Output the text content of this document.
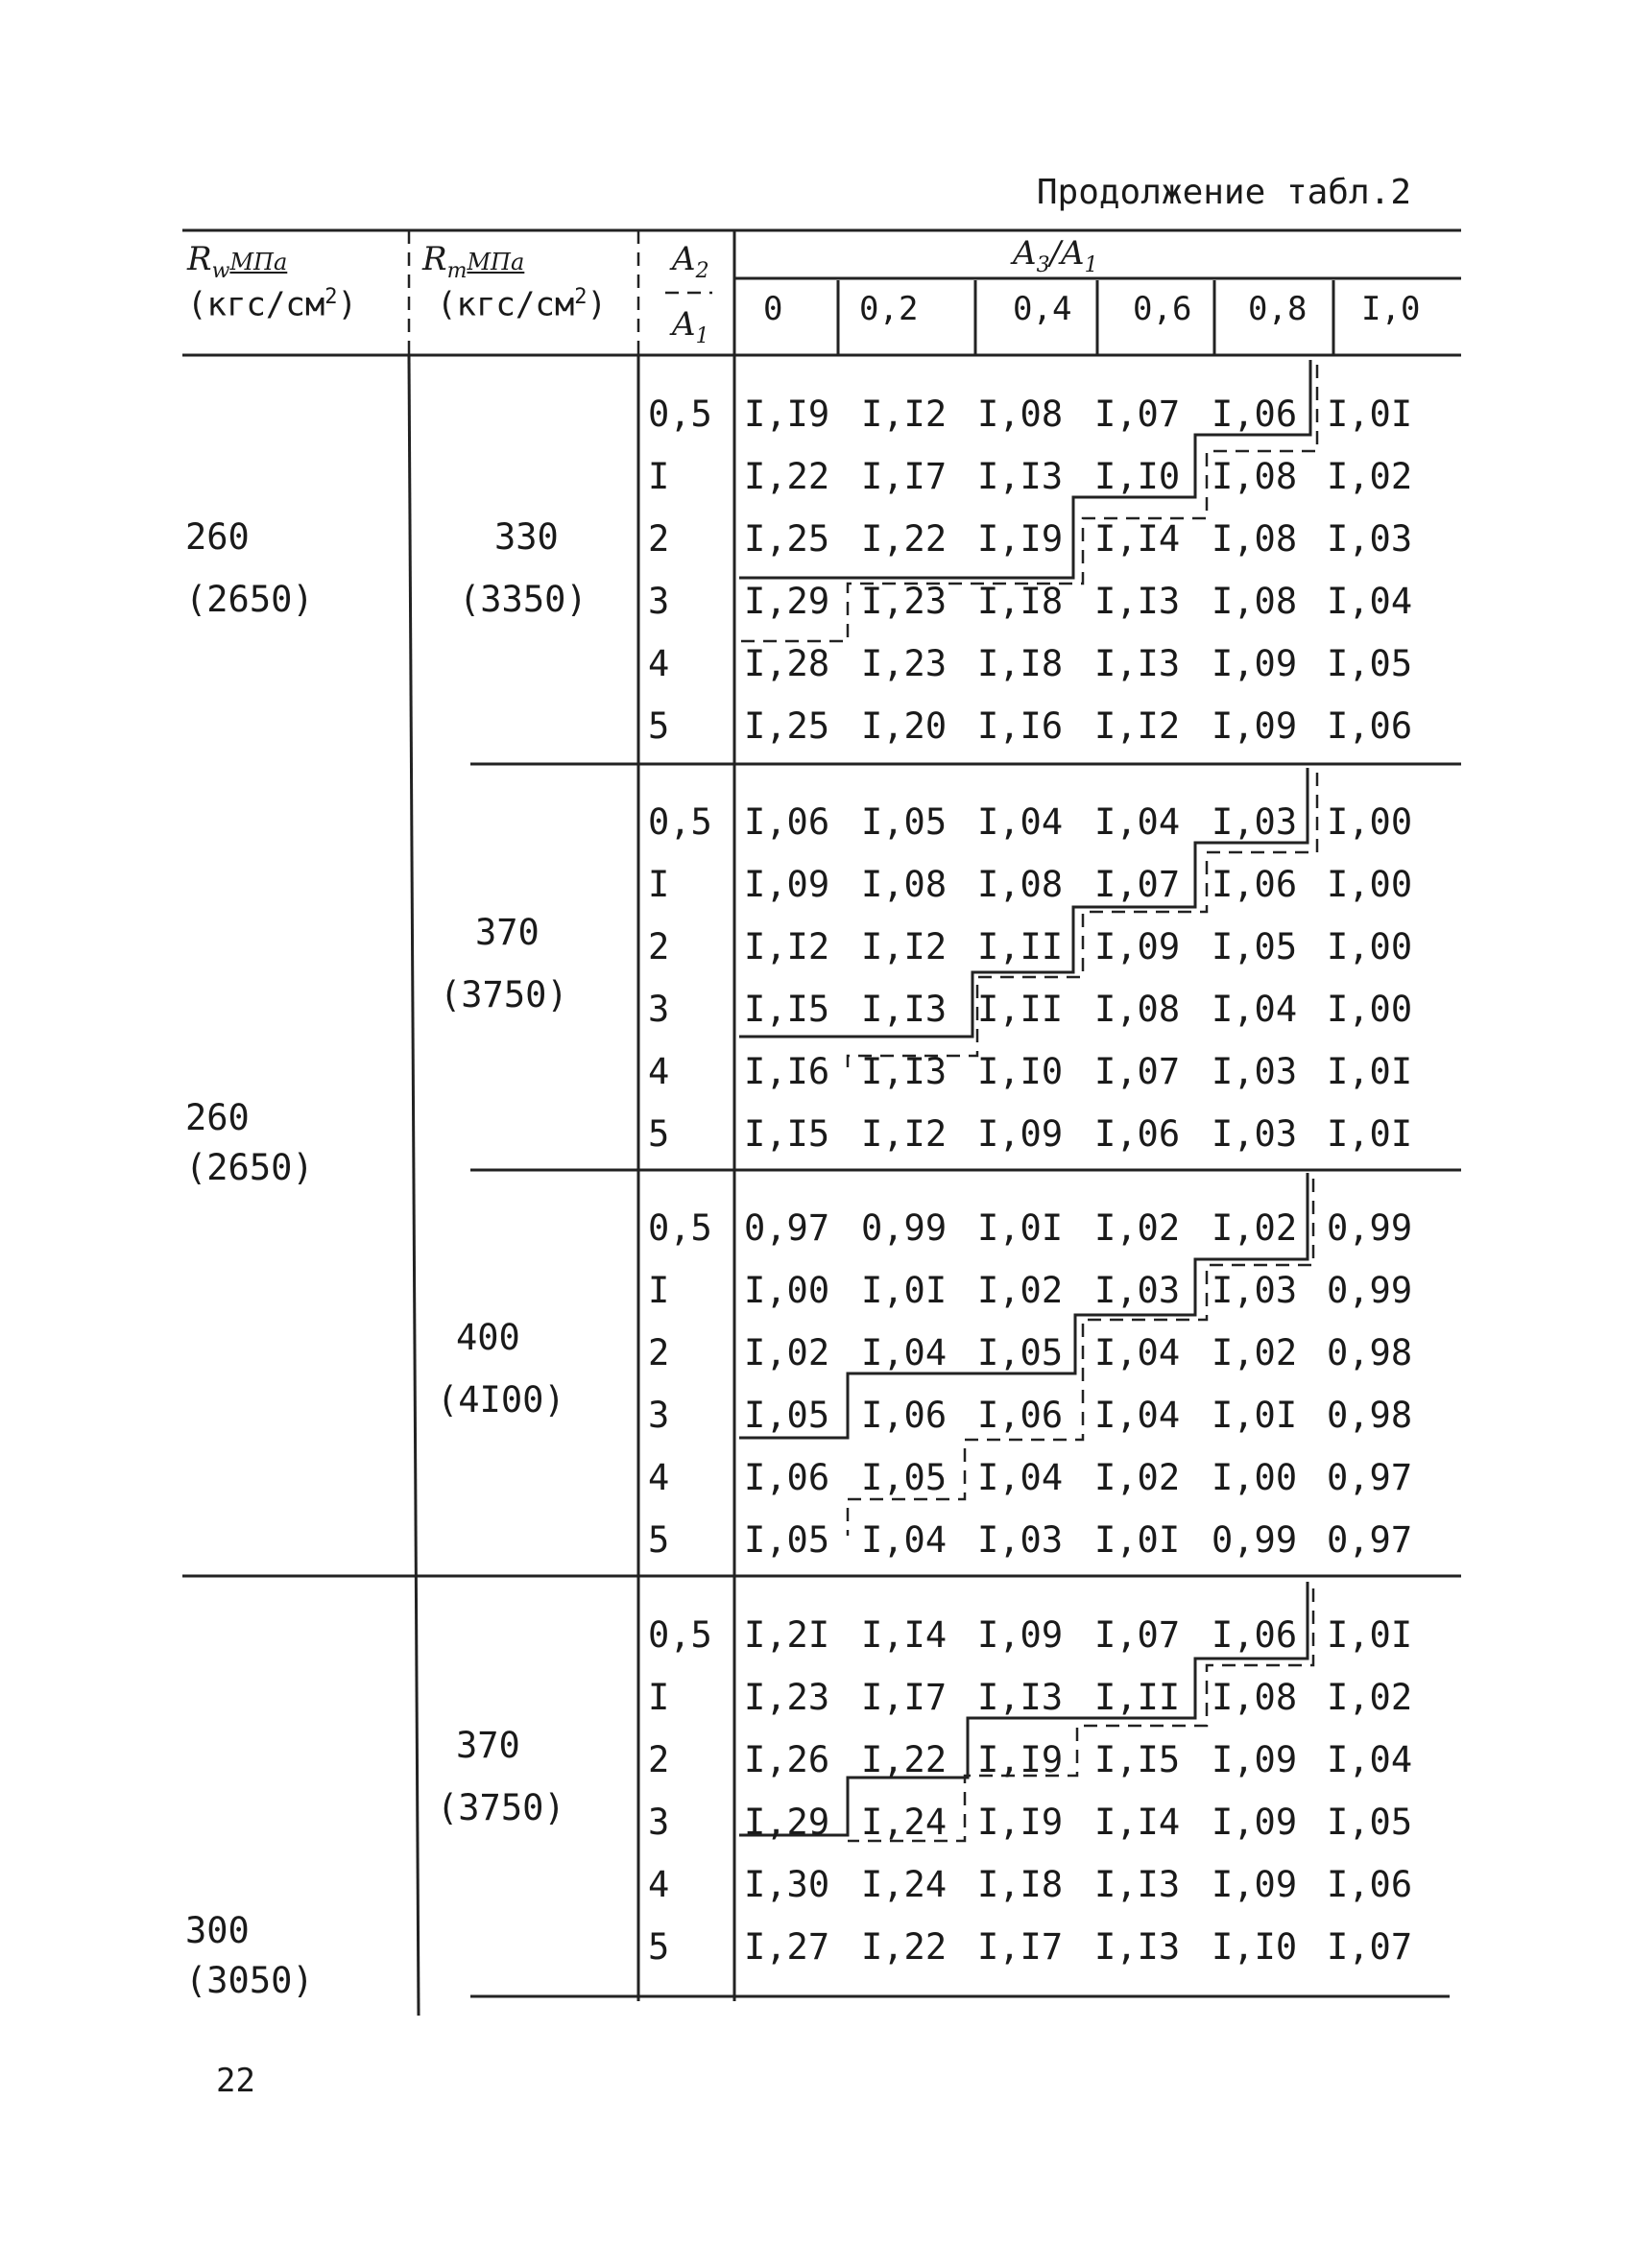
Продолжение табл.2
$R_wМПа$
$(кгс/см^2)$
$R_тМПа$
$(кгс/см^2)$
$A_2$
$A_1$
$A_3/A_1$
0 0,2	0,4 0,6 0,8 I,0
260
(2650)
260
(2650)
300
(3050)
330
(3350)
370
(3750)
400
(4I00)
370
(3750)
0,5 I,I9 I,I2 I,08 I,07 I,06 I,0I
I I,22 I,I7 I,I3 I,I0 I,08 I,02
2 I,25 I,22 I,I9 I,I4 I,08 I,03
3 I,29 I,23 I,I8 I,I3 I,08 I,04
4 I,28 I,23 I,I8 I,I3 I,09 I,05
5 I,25 I,20 I,I6 I,I2 I,09 I,06
0,5 I,06 I,05 I,04 I,04 I,03 I,00
I I,09 I,08 I,08 I,07 I,06 I,00
2 I,I2 I,I2 I,II I,09 I,05 I,00
3 I,I5 I,I3 I,II I,08 I,04 I,00
4 I,I6 I,I3 I,I0 I,07 I,03 I,0I
5 I,I5 I,I2 I,09 I,06 I,03 I,0I
0,5 0,97 0,99 I,0I I,02 I,02 0,99
I I,00 I,0I I,02 I,03 I,03 0,99
2 I,02 I,04 I,05 I,04 I,02 0,98
3 I,05 I,06 I,06 I,04 I,0I 0,98
4 I,06 I,05 I,04 I,02 I,00 0,97
5 I,05 I,04 I,03 I,0I 0,99 0,97
0,5 I,2I I,I4 I,09 I,07 I,06 I,0I
I I,23 I,I7 I,I3 I,II I,08 I,02
2 I,26 I,22 I,I9 I,I5 I,09 I,04
3 I,29 I,24 I,I9 I,I4 I,09 I,05
4 I,30 I,24 I,I8 I,I3 I,09 I,06
5 I,27 I,22 I,I7 I,I3 I,I0 I,07
22
